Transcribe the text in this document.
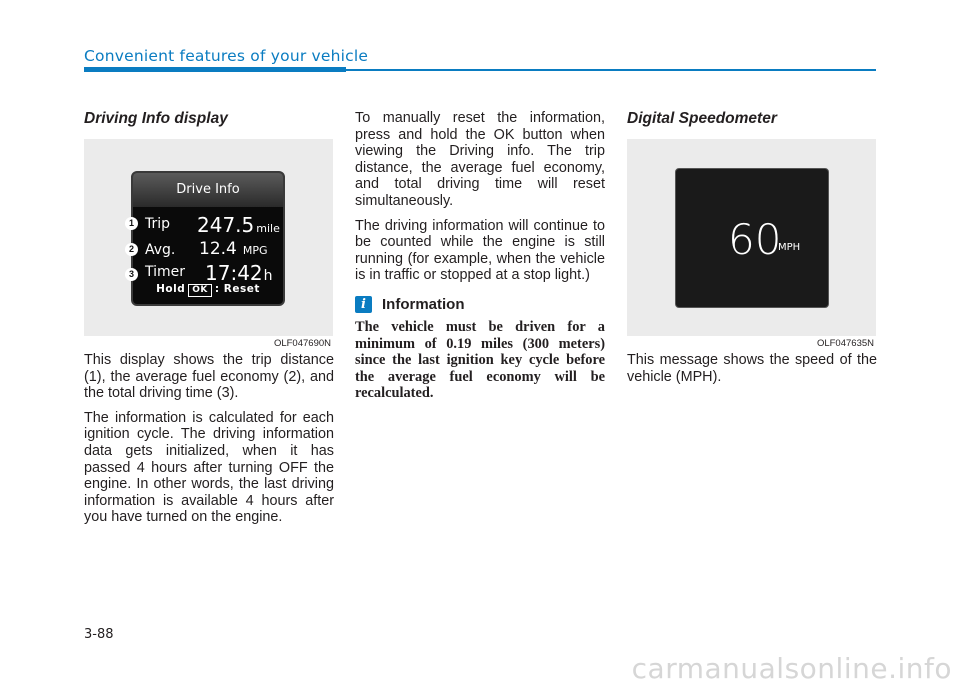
Convenient features of your vehicle
Driving Info display
Drive Info
Trip 247.5 mile
Avg. 12.4 MPG
Timer 17:42h
Hold OK : Reset
1
2
3
OLF047690N

This display shows the trip distance (1), the average fuel economy (2), and the total driving time (3).

The information is calculated for each ignition cycle. The driving information data gets initialized, when it has passed 4 hours after turning OFF the engine. In other words, the last driving information is available 4 hours after you have turned on the engine.

To manually reset the information, press and hold the OK button when viewing the Driving info. The trip distance, the average fuel economy, and total driving time will reset simultaneously.

The driving information will continue to be counted while the engine is still running (for example, when the vehicle is in traffic or stopped at a stop light.)

i	Information

The vehicle must be driven for a minimum of 0.19 miles (300 meters) since the last ignition key cycle before the average fuel economy will be recalculated.

Digital Speedometer
60
MPH
OLF047635N

This message shows the speed of the vehicle (MPH).

3-88
carmanualsonline.info
